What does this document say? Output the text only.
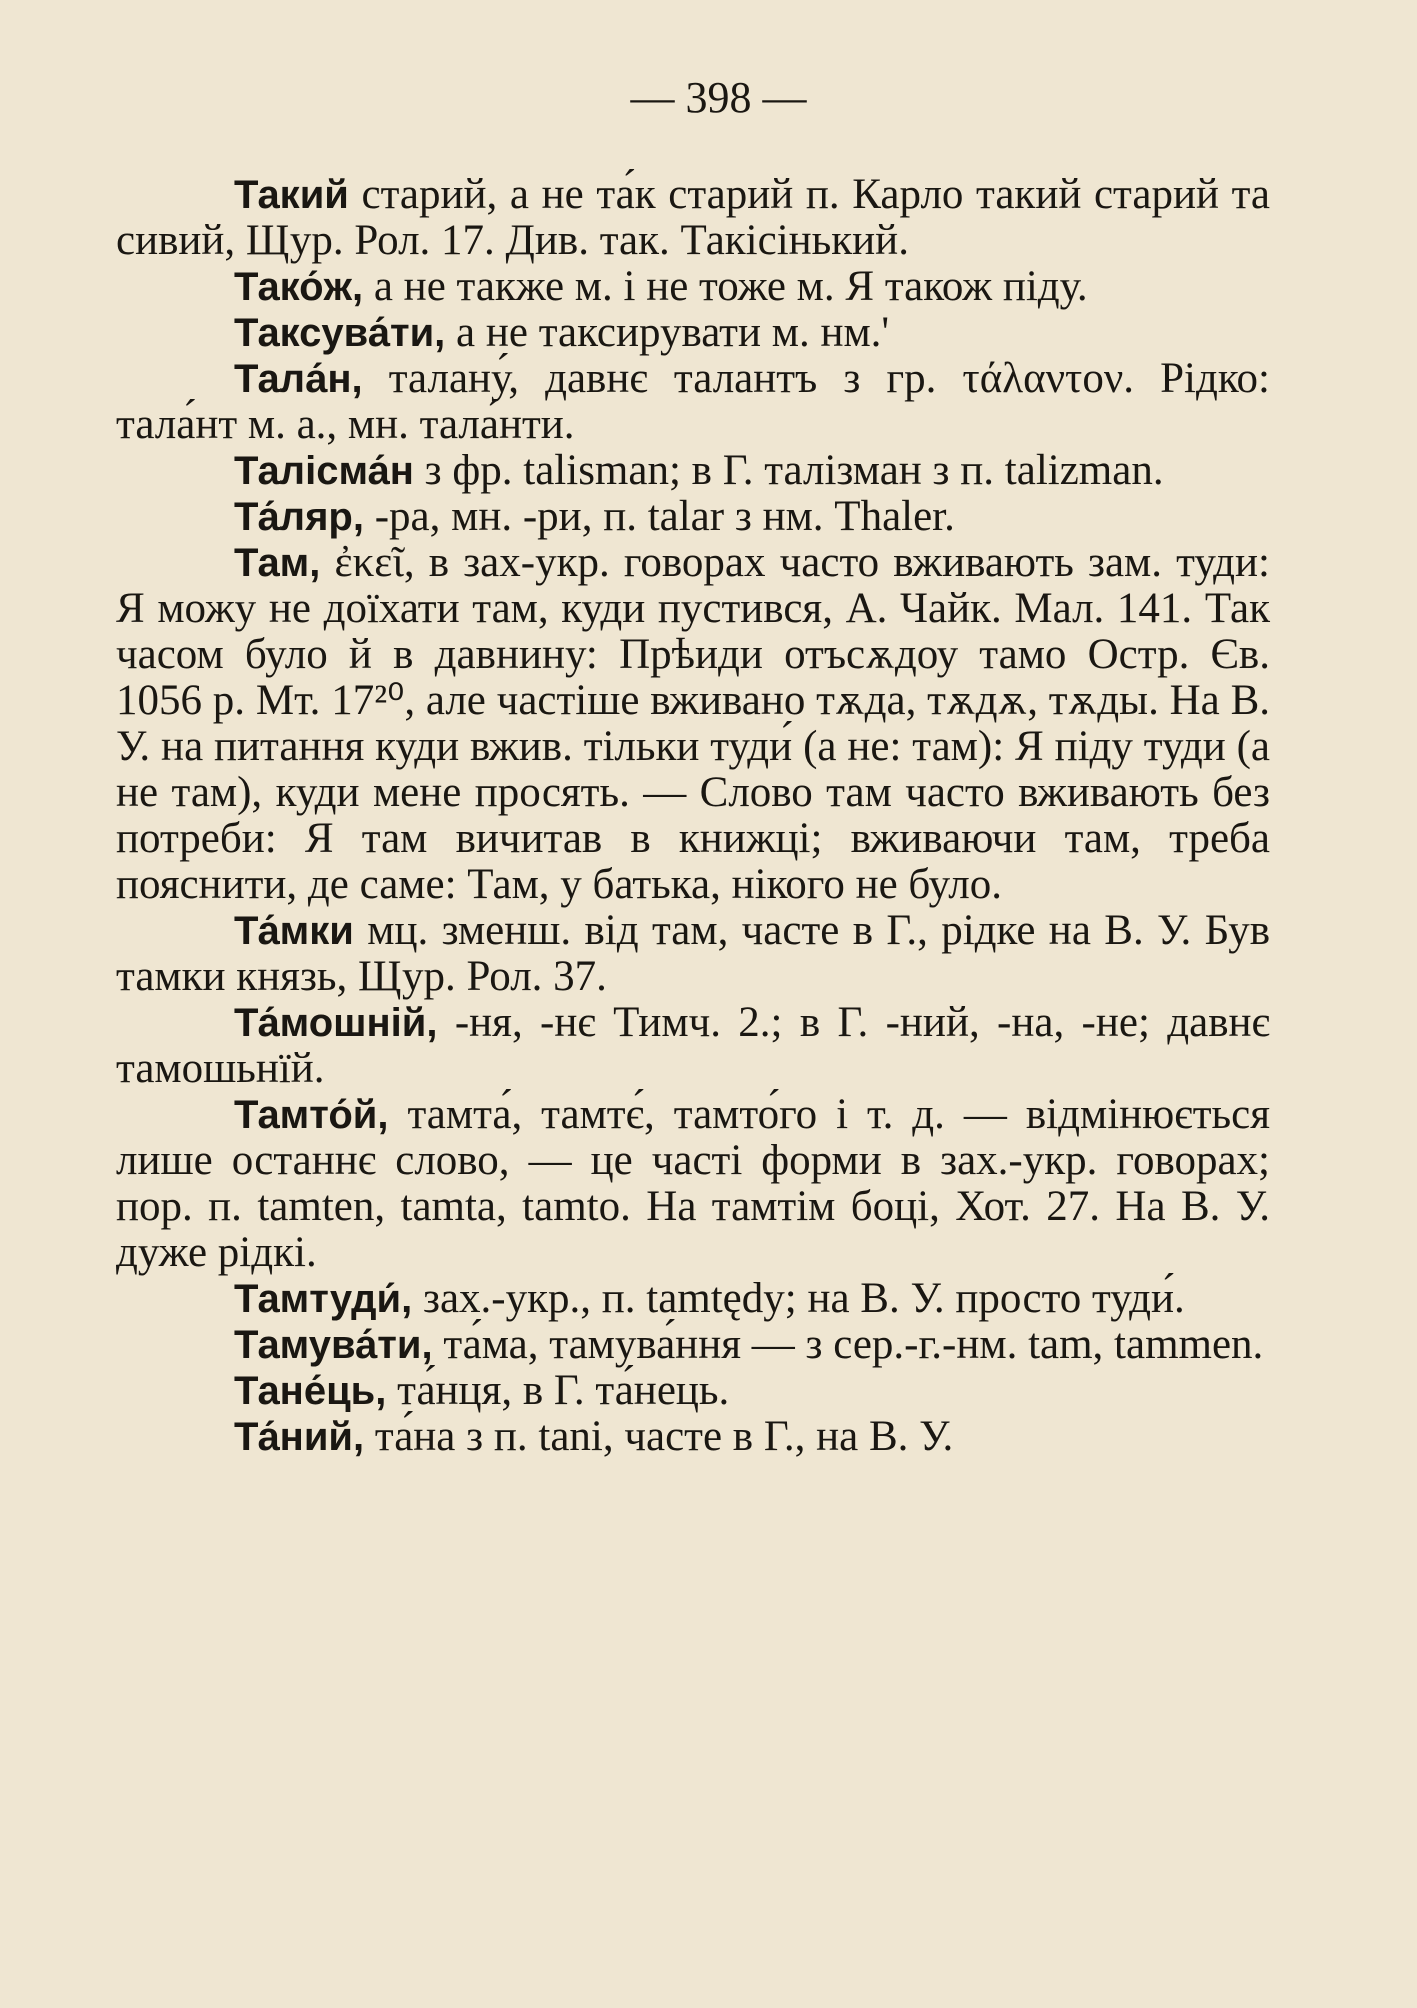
— 398 —

Такий старий, а не та́к старий п. Карло такий старий та сивий, Щур. Рол. 17. Див. так. Такісінький.

Тако́ж, а не также м. і не тоже м. Я також піду.

Таксува́ти, а не таксирувати м. нм.'

Тала́н, талану́, давнє талантъ з гр. τάλαντον. Рідко: тала́нт м. а., мн. тала́нти.

Талісма́н з фр. talisman; в Г. талізман з п. talizman.

Та́ляр, -ра, мн. -ри, п. talar з нм. Thaler.

Там, ἐκεῖ, в зах-укр. говорах часто вживають зам. туди: Я можу не доїхати там, куди пустився, А. Чайк. Мал. 141. Так часом було й в давнину: Прѣиди отъсѫдоу тамо Остр. Єв. 1056 р. Мт. 17²⁰, але частіше вживано тѫда, тѫдѫ, тѫды. На В. У. на питання куди вжив. тільки туди́ (а не: там): Я піду туди (а не там), куди мене просять. — Слово там часто вживають без потреби: Я там вичитав в книжці; вживаючи там, треба пояснити, де саме: Там, у батька, нікого не було.

Та́мки мц. зменш. від там, часте в Г., рідке на В. У. Був тамки князь, Щур. Рол. 37.

Та́мошній, -ня, -нє Тимч. 2.; в Г. -ний, -на, -не; давнє тамошьнїй.

Тамто́й, тамта́, тамтє́, тамто́го і т. д. — відмінюється лише останнє слово, — це часті форми в зах.-укр. говорах; пор. п. tamten, tamta, tamto. На тамтім боці, Хот. 27. На В. У. дуже рідкі.

Тамтуди́, зах.-укр., п. tamtędy; на В. У. просто туди́.

Тамува́ти, та́ма, тамува́ння — з сер.-г.-нм. tam, tammen.

Тане́ць, та́нця, в Г. та́нець.

Та́ний, та́на з п. tani, часте в Г., на В. У.
